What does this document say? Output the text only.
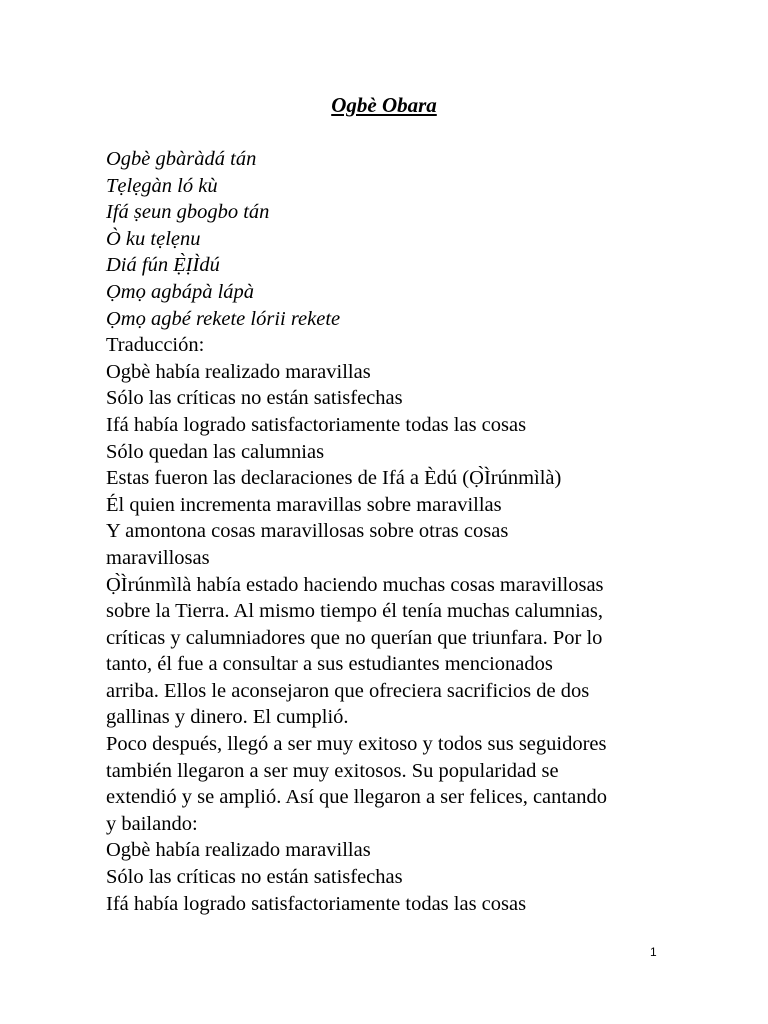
Ogbè Obara
Ogbè gbàràdá tán
Tẹlẹgàn ló kù
Ifá ṣeun gbogbo tán
Ò ku tẹlẹnu
Diá fún Ẹ̀ỊÌdú
Ọmọ agbápà lápà
Ọmọ agbé rekete lórii rekete
Traducción:
Ogbè había realizado maravillas
Sólo las críticas no están satisfechas
Ifá había logrado satisfactoriamente todas las cosas
Sólo quedan las calumnias
Estas fueron las declaraciones de Ifá a Èdú (Ọ̀Ìrúnmìlà)
Él quien incrementa maravillas sobre maravillas
Y amontona cosas maravillosas sobre otras cosas
maravillosas
Ọ̀Ìrúnmìlà había estado haciendo muchas cosas maravillosas
sobre la Tierra. Al mismo tiempo él tenía muchas calumnias,
críticas y calumniadores que no querían que triunfara. Por lo
tanto, él fue a consultar a sus estudiantes mencionados
arriba. Ellos le aconsejaron que ofreciera sacrificios de dos
gallinas y dinero. El cumplió.
Poco después, llegó a ser muy exitoso y todos sus seguidores
también llegaron a ser muy exitosos. Su popularidad se
extendió y se amplió. Así que llegaron a ser felices, cantando
y bailando:
Ogbè había realizado maravillas
Sólo las críticas no están satisfechas
Ifá había logrado satisfactoriamente todas las cosas
1
